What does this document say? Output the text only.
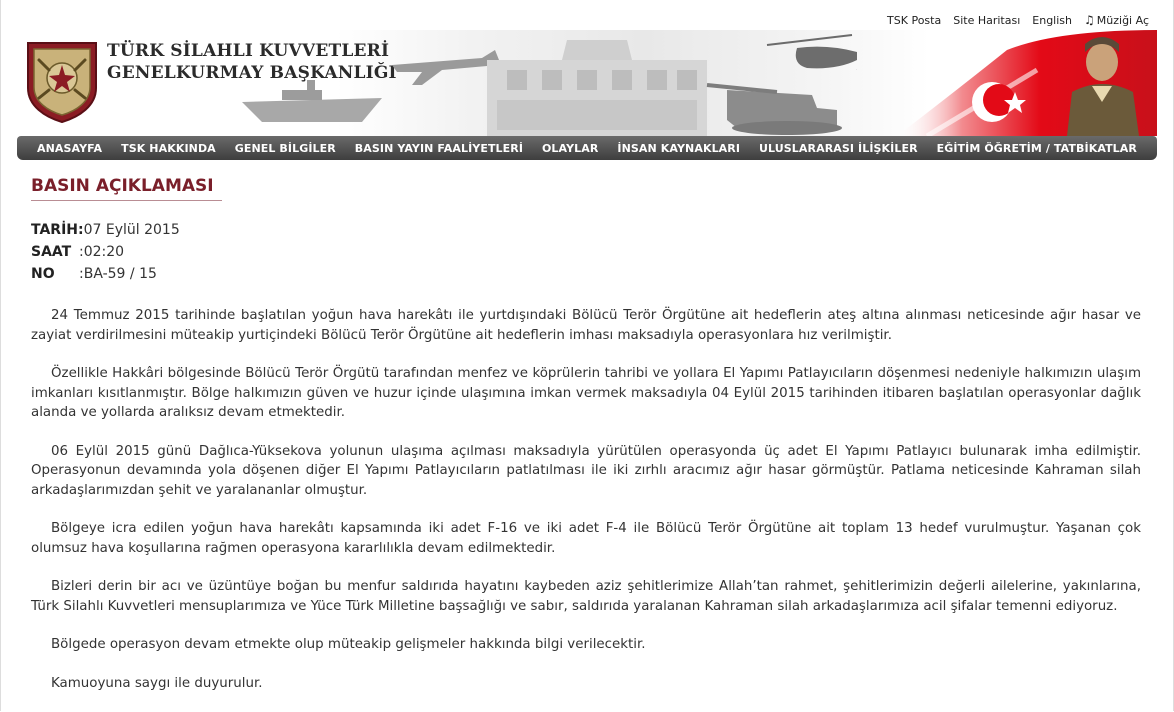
TSK Posta Site Haritası English ♫ Müziği Aç
TÜRK SİLAHLI KUVVETLERİ
GENELKURMAY BAŞKANLIĞI
ANASAYFA TSK HAKKINDA GENEL BİLGİLER BASIN YAYIN FAALİYETLERİ OLAYLAR İNSAN KAYNAKLARI ULUSLARARASI İLİŞKİLER EĞİTİM ÖĞRETİM / TATBİKATLAR
BASIN AÇIKLAMASI
TARİH: 07 Eylül 2015
SAAT :02:20
NO	:BA-59 / 15

24 Temmuz 2015 tarihinde başlatılan yoğun hava harekâtı ile yurtdışındaki Bölücü Terör Örgütüne ait hedeflerin ateş altına alınması neticesinde ağır hasar ve zayiat verdirilmesini müteakip yurtiçindeki Bölücü Terör Örgütüne ait hedeflerin imhası maksadıyla operasyonlara hız verilmiştir.

Özellikle Hakkâri bölgesinde Bölücü Terör Örgütü tarafından menfez ve köprülerin tahribi ve yollara El Yapımı Patlayıcıların döşenmesi nedeniyle halkımızın ulaşım imkanları kısıtlanmıştır. Bölge halkımızın güven ve huzur içinde ulaşımına imkan vermek maksadıyla 04 Eylül 2015 tarihinden itibaren başlatılan operasyonlar dağlık alanda ve yollarda aralıksız devam etmektedir.

06 Eylül 2015 günü Dağlıca-Yüksekova yolunun ulaşıma açılması maksadıyla yürütülen operasyonda üç adet El Yapımı Patlayıcı bulunarak imha edilmiştir. Operasyonun devamında yola döşenen diğer El Yapımı Patlayıcıların patlatılması ile iki zırhlı aracımız ağır hasar görmüştür. Patlama neticesinde Kahraman silah arkadaşlarımızdan şehit ve yaralananlar olmuştur.

Bölgeye icra edilen yoğun hava harekâtı kapsamında iki adet F-16 ve iki adet F-4 ile Bölücü Terör Örgütüne ait toplam 13 hedef vurulmuştur. Yaşanan çok olumsuz hava koşullarına rağmen operasyona kararlılıkla devam edilmektedir.

Bizleri derin bir acı ve üzüntüye boğan bu menfur saldırıda hayatını kaybeden aziz şehitlerimize Allah’tan rahmet, şehitlerimizin değerli ailelerine, yakınlarına, Türk Silahlı Kuvvetleri mensuplarımıza ve Yüce Türk Milletine başsağlığı ve sabır, saldırıda yaralanan Kahraman silah arkadaşlarımıza acil şifalar temenni ediyoruz.

Bölgede operasyon devam etmekte olup müteakip gelişmeler hakkında bilgi verilecektir.

Kamuoyuna saygı ile duyurulur.
